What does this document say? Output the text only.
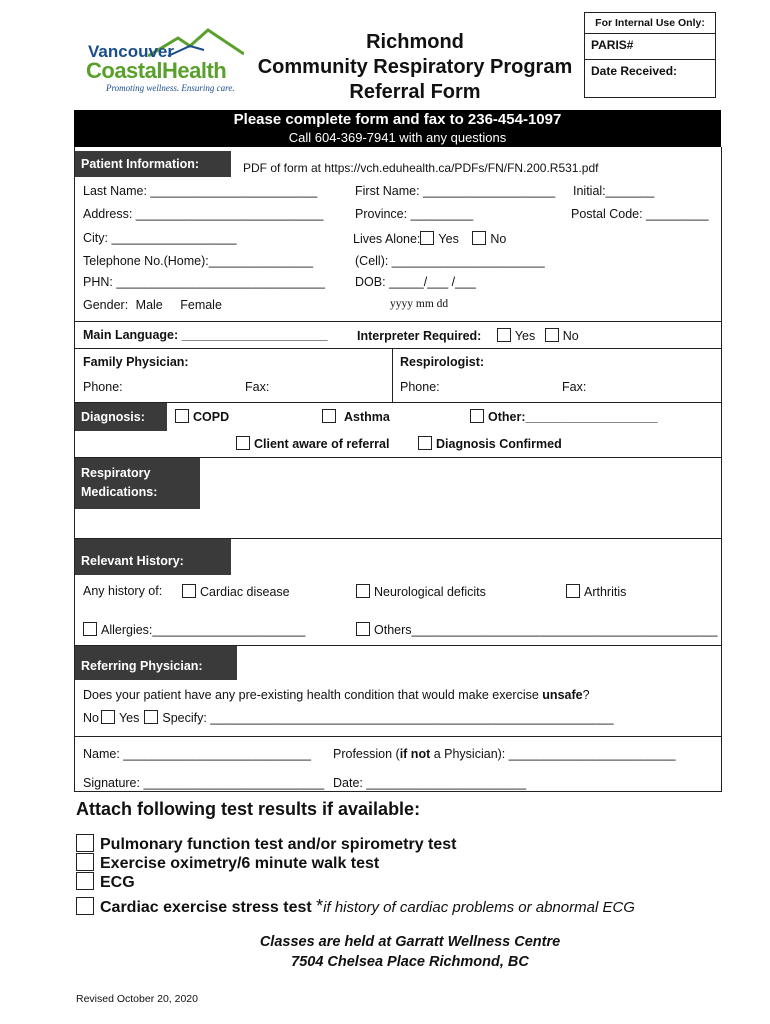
For Internal Use Only:
PARIS#
Date Received:
Vancouver
CoastalHealth
Promoting wellness. Ensuring care.
Richmond
Community Respiratory Program
Referral Form
Please complete form and fax to 236-454-1097
Call 604-369-7941 with any questions
Patient Information:	PDF of form at https://vch.eduhealth.ca/PDFs/FN/FN.200.R531.pdf
Last Name: ________________________	First Name: ___________________ Initial:_______
Address: ___________________________	Province: _________	Postal Code: _________
City: __________________	Lives Alone: Yes	No
Telephone No.(Home):_______________	(Cell): ______________________
PHN: ______________________________ DOB: _____/___ /___
Gender: Male Female	yyyy mm dd
Main Language: _____________________ Interpreter Required:	Yes No
Family Physician:	Respirologist:
Phone:	Fax:	Phone:	Fax:
Diagnosis:	COPD	Asthma	Other:___________________
Client aware of referral	Diagnosis Confirmed
Respiratory
Medications:
Relevant History:
Any history of:	Cardiac disease	Neurological deficits	Arthritis
Allergies:______________________	Others____________________________________________
Referring Physician:
Does your patient have any pre-existing health condition that would make exercise unsafe?
No Yes Specify: __________________________________________________________
Name: ___________________________ Profession (if not a Physician): ________________________
Signature: __________________________ Date: _______________________
Attach following test results if available:
Pulmonary function test and/or spirometry test
Exercise oximetry/6 minute walk test
ECG
Cardiac exercise stress test *if history of cardiac problems or abnormal ECG
Classes are held at Garratt Wellness Centre
7504 Chelsea Place Richmond, BC
Revised October 20, 2020
